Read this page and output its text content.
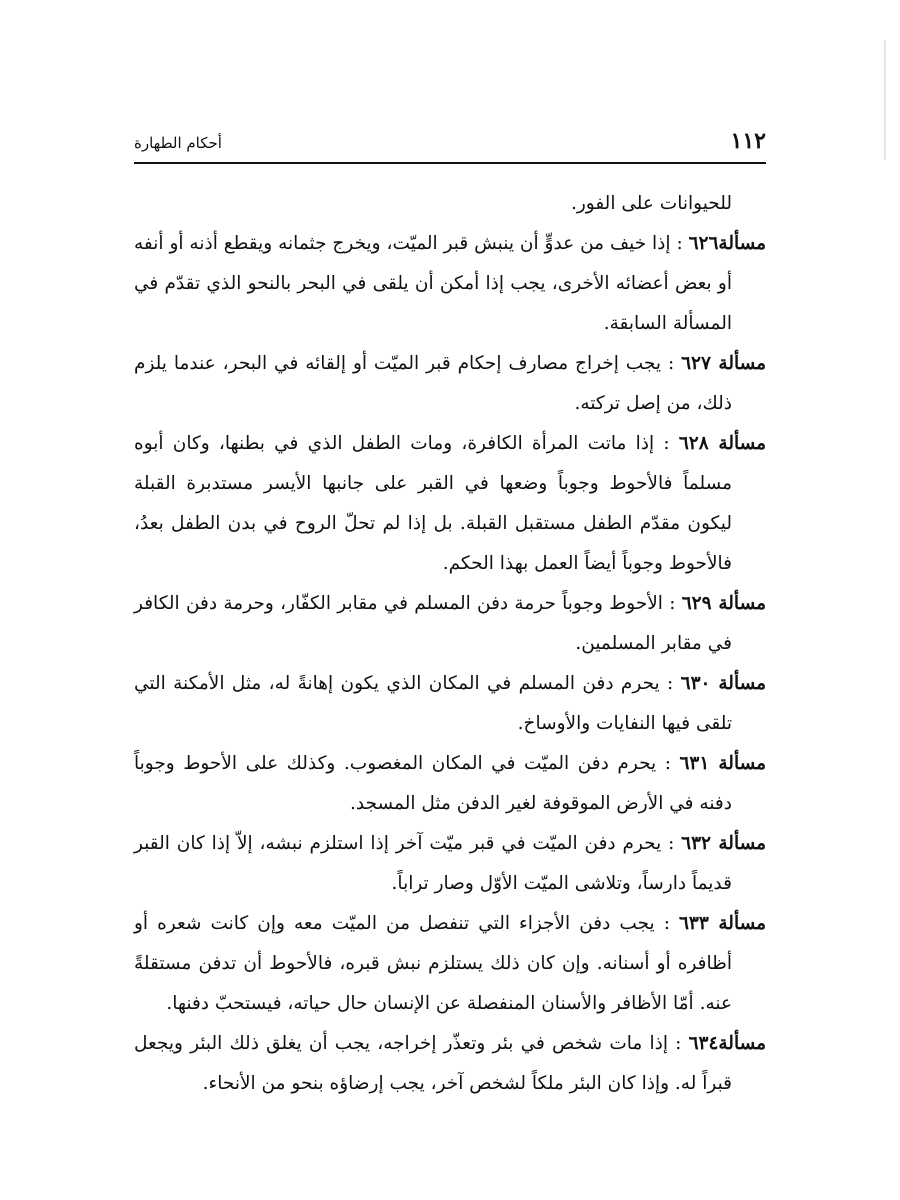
١١٢
أحكام الطهارة

للحيوانات على الفور.

مسألة٦٢٦ : إذا خيف من عدوٍّ أن ينبش قبر الميّت، ويخرج جثمانه ويقطع أذنه أو أنفه أو بعض أعضائه الأخرى، يجب إذا أمكن أن يلقى في البحر بالنحو الذي تقدّم في المسألة السابقة.

مسألة ٦٢٧ : يجب إخراج مصارف إحكام قبر الميّت أو إلقائه في البحر، عندما يلزم ذلك، من إصل تركته.

مسألة ٦٢٨ : إذا ماتت المرأة الكافرة، ومات الطفل الذي في بطنها، وكان أبوه مسلماً فالأحوط وجوباً وضعها في القبر على جانبها الأيسر مستدبرة القبلة ليكون مقدّم الطفل مستقبل القبلة. بل إذا لم تحلّ الروح في بدن الطفل بعدُ، فالأحوط وجوباً أيضاً العمل بهذا الحكم.

مسألة ٦٢٩ : الأحوط وجوباً حرمة دفن المسلم في مقابر الكفّار، وحرمة دفن الكافر في مقابر المسلمين.

مسألة ٦٣٠ : يحرم دفن المسلم في المكان الذي يكون إهانةً له، مثل الأمكنة التي تلقى فيها النفايات والأوساخ.

مسألة ٦٣١ : يحرم دفن الميّت في المكان المغصوب. وكذلك على الأحوط وجوباً دفنه في الأرض الموقوفة لغير الدفن مثل المسجد.

مسألة ٦٣٢ : يحرم دفن الميّت في قبر ميّت آخر إذا استلزم نبشه، إلاّ إذا كان القبر قديماً دارساً، وتلاشى الميّت الأوّل وصار تراباً.

مسألة ٦٣٣ : يجب دفن الأجزاء التي تنفصل من الميّت معه وإن كانت شعره أو أظافره أو أسنانه. وإن كان ذلك يستلزم نبش قبره، فالأحوط أن تدفن مستقلةً عنه. أمّا الأظافر والأسنان المنفصلة عن الإنسان حال حياته، فيستحبّ دفنها.

مسألة٦٣٤ : إذا مات شخص في بئر وتعذّر إخراجه، يجب أن يغلق ذلك البئر ويجعل قبراً له. وإذا كان البئر ملكاً لشخص آخر، يجب إرضاؤه بنحو من الأنحاء.
